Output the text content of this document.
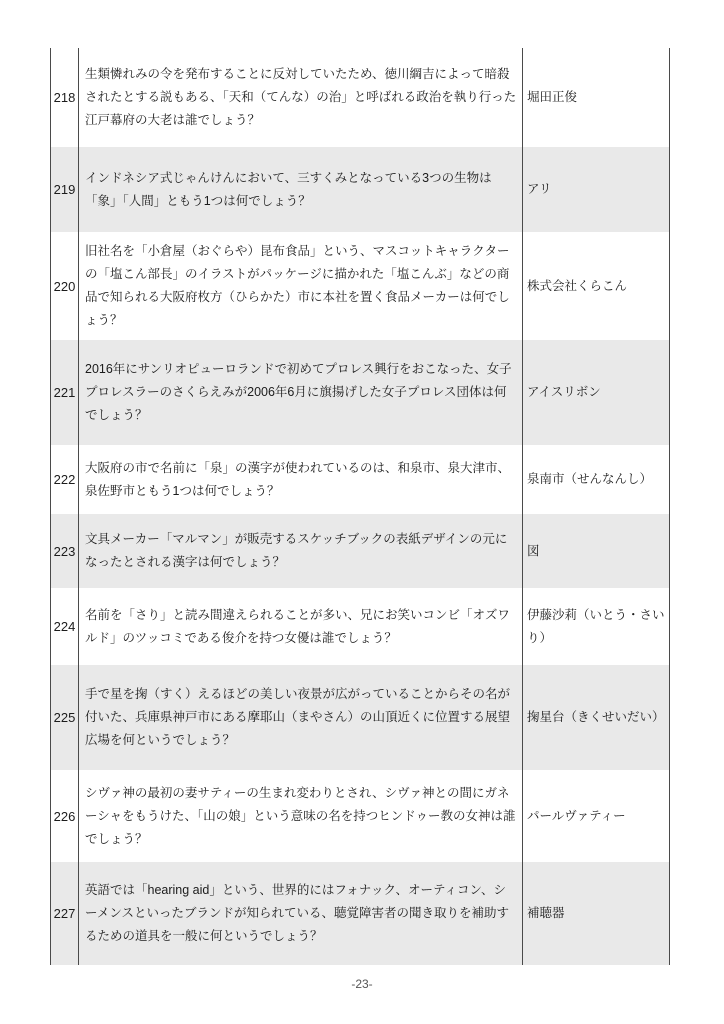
218
生類憐れみの令を発布することに反対していたため、徳川綱吉によって暗殺されたとする説もある、「天和（てんな）の治」と呼ばれる政治を執り行った江戸幕府の大老は誰でしょう？
堀田正俊
219
インドネシア式じゃんけんにおいて、三すくみとなっている3つの生物は「象」「人間」ともう1つは何でしょう？
アリ
220
旧社名を「小倉屋（おぐらや）昆布食品」という、マスコットキャラクターの「塩こん部長」のイラストがパッケージに描かれた「塩こんぶ」などの商品で知られる大阪府枚方（ひらかた）市に本社を置く食品メーカーは何でしょう？
株式会社くらこん
221
2016年にサンリオピューロランドで初めてプロレス興行をおこなった、女子プロレスラーのさくらえみが2006年6月に旗揚げした女子プロレス団体は何でしょう？
アイスリボン
222
大阪府の市で名前に「泉」の漢字が使われているのは、和泉市、泉大津市、泉佐野市ともう1つは何でしょう？
泉南市（せんなんし）
223
文具メーカー「マルマン」が販売するスケッチブックの表紙デザインの元になったとされる漢字は何でしょう？
図
224
名前を「さり」と読み間違えられることが多い、兄にお笑いコンビ「オズワルド」のツッコミである俊介を持つ女優は誰でしょう？
伊藤沙莉（いとう・さいり）
225
手で星を掬（すく）えるほどの美しい夜景が広がっていることからその名が付いた、兵庫県神戸市にある摩耶山（まやさん）の山頂近くに位置する展望広場を何というでしょう？
掬星台（きくせいだい）
226
シヴァ神の最初の妻サティーの生まれ変わりとされ、シヴァ神との間にガネーシャをもうけた、「山の娘」という意味の名を持つヒンドゥー教の女神は誰でしょう？
パールヴァティー
227
英語では「hearing aid」という、世界的にはフォナック、オーティコン、シーメンスといったブランドが知られている、聴覚障害者の聞き取りを補助するための道具を一般に何というでしょう？
補聴器
-23-
